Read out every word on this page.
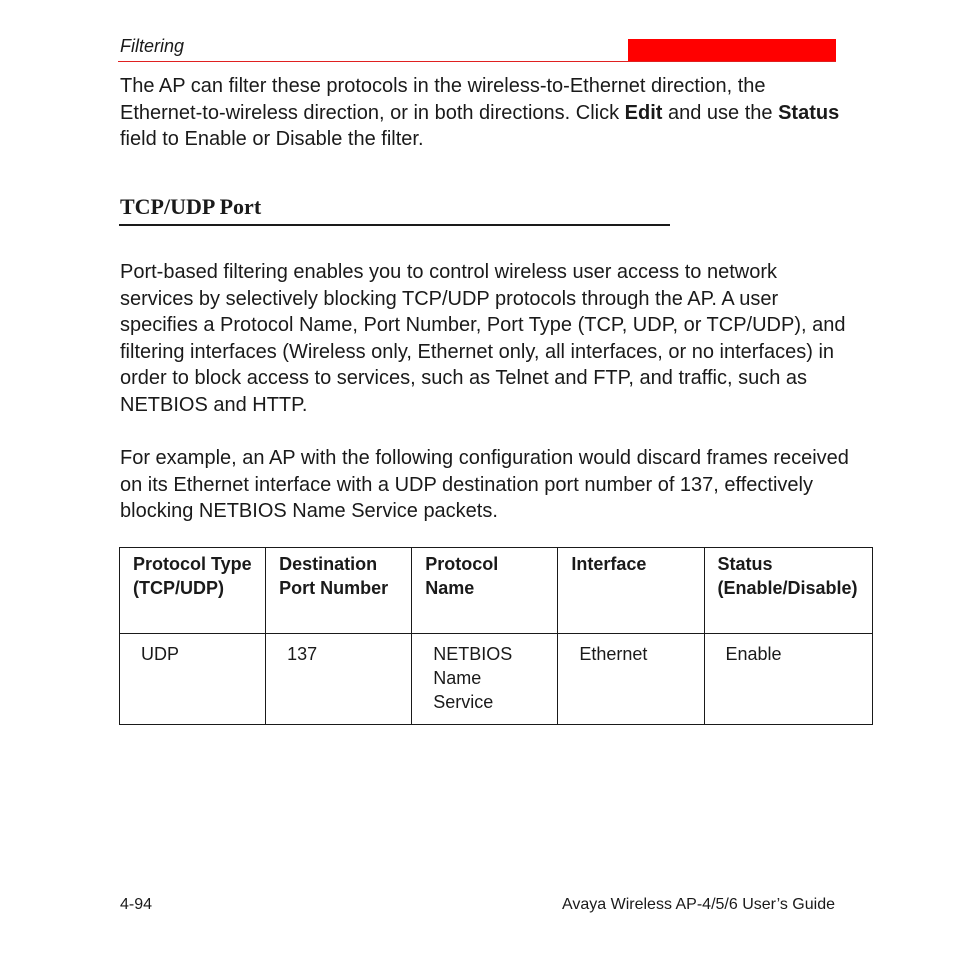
Filtering

The AP can filter these protocols in the wireless-to-Ethernet direction, the Ethernet-to-wireless direction, or in both directions. Click Edit and use the Status field to Enable or Disable the filter.

TCP/UDP Port

Port-based filtering enables you to control wireless user access to network services by selectively blocking TCP/UDP protocols through the AP. A user specifies a Protocol Name, Port Number, Port Type (TCP, UDP, or TCP/UDP), and filtering interfaces (Wireless only, Ethernet only, all interfaces, or no interfaces) in order to block access to services, such as Telnet and FTP, and traffic, such as NETBIOS and HTTP.

For example, an AP with the following configuration would discard frames received on its Ethernet interface with a UDP destination port number of 137, effectively blocking NETBIOS Name Service packets.

Protocol Type (TCP/UDP)	Destination Port Number	Protocol Name	Interface	Status (Enable/Disable)

UDP	137	NETBIOS Name Service	Ethernet	Enable
4-94	Avaya Wireless AP-4/5/6 User’s Guide
